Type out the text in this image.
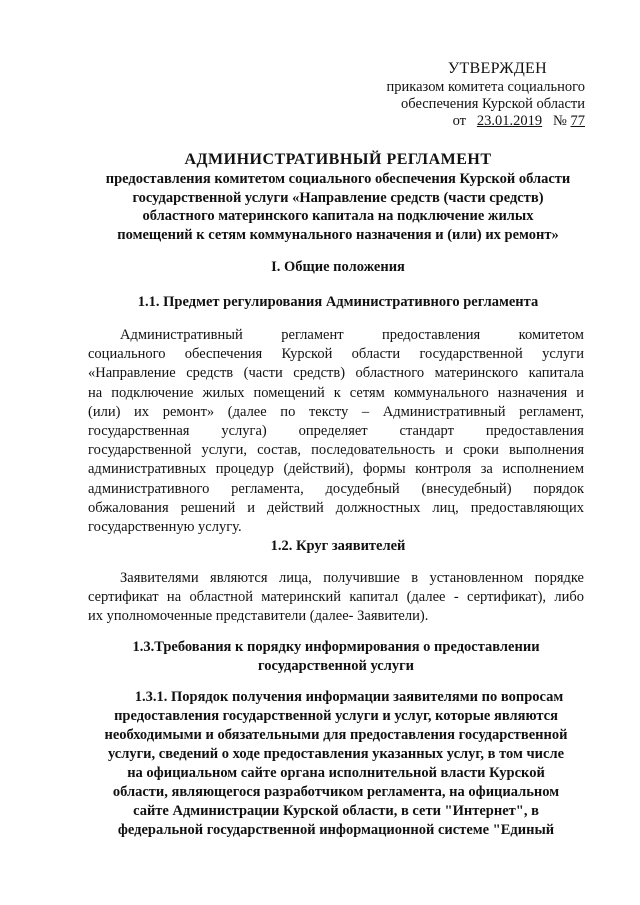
УТВЕРЖДЕН
приказом комитета социального
обеспечения Курской области
от 23.01.2019 № 77
АДМИНИСТРАТИВНЫЙ РЕГЛАМЕНТ
предоставления комитетом социального обеспечения Курской области
государственной услуги «Направление средств (части средств)
областного материнского капитала на подключение жилых
помещений к сетям коммунального назначения и (или) их ремонт»
I. Общие положения
1.1. Предмет регулирования Административного регламента
Административный	регламент	предоставления	комитетом
социального обеспечения Курской области государственной услуги
«Направление средств (части средств) областного материнского капитала
на подключение жилых помещений к сетям коммунального назначения и
(или) их ремонт» (далее по тексту – Административный регламент,
государственная услуга) определяет стандарт предоставления
государственной услуги, состав, последовательность и сроки выполнения
административных процедур (действий), формы контроля за исполнением
административного регламента, досудебный (внесудебный) порядок
обжалования решений и действий должностных лиц, предоставляющих
государственную услугу.
1.2. Круг заявителей
Заявителями являются лица, получившие в установленном порядке
сертификат на областной материнский капитал (далее - сертификат), либо
их уполномоченные представители (далее- Заявители).
1.3.Требования к порядку информирования о предоставлении
государственной услуги
1.3.1. Порядок получения информации заявителями по вопросам
предоставления государственной услуги и услуг, которые являются
необходимыми и обязательными для предоставления государственной
услуги, сведений о ходе предоставления указанных услуг, в том числе
на официальном сайте органа исполнительной власти Курской
области, являющегося разработчиком регламента, на официальном
сайте Администрации Курской области, в сети "Интернет", в
федеральной государственной информационной системе "Единый
